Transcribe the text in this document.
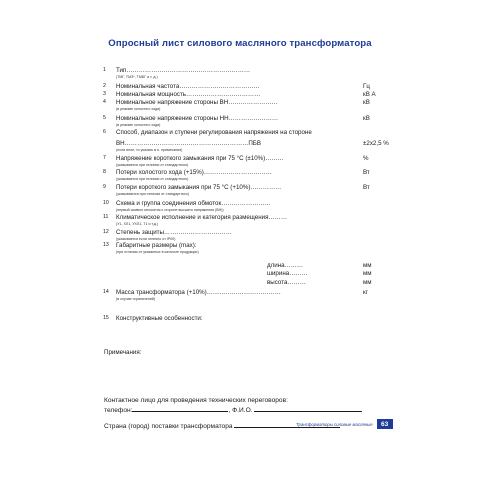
Опросный лист силового масляного трансформатора
1	Тип……………………………………………………
(ТМГ, ТМЗ*, ТМБГ и т. д.)
2	Номинальная частота…………………………………	Гц
3	Номинальная мощность………………………………	кВ А
4	Номинальное напряжение стороны ВН……………………	кВ
(в режиме холостого хода)
5	Номинальное напряжение стороны НН……………………	кВ
(в режиме холостого хода)
6	Способ, диапазон и ступени регулирования напряжения на стороне
ВН……………………………………………………ПБВ	±2x2,5 %
(если иное, то указать в п. примечания)
7	Напряжение короткого замыкания при 75 °С (±10%)………	%
(указывается при отличии от стандартного)
8	Потери холостого хода (+15%)……………………………	Вт
(указывается при отличии от стандартного)
9	Потери короткого замыкания при 75 °С (+10%)……………	Вт
(указываются при отличии от стандартного)
10	Схема и группа соединения обмоток……………………
(первый символ относится к стороне высшего напряжения (ВН))
11	Климатическое исполнение и категория размещения………
(У1, ХЛ1, УХЛ1, Т1 и т.д.)
12	Степень защиты……………………………
(указывается если отлично от IP00)
13	Габаритные размеры (max):
(при отличии от указанных в каталоге продукции)
длина………	мм
ширина………	мм
высота………	мм
14	Масса трансформатора (+10%)………………………………	кг
(в случае ограничений)
15	Конструктивные особенности:
Примечания:
Контактное лицо для проведения технических переговоров:
телефон:	, Ф.И.О.
Страна (город) поставки трансформатора	Трансформаторы силовые масляные	63
